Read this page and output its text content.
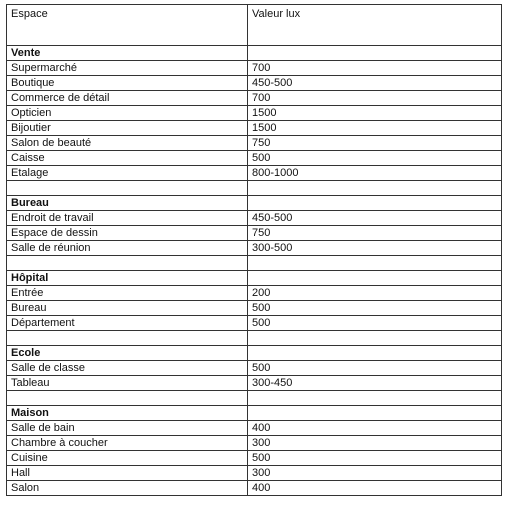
Espace	Valeur lux
Vente	
Supermarché	700
Boutique	450-500
Commerce de détail	700
Opticien	1500
Bijoutier	1500
Salon de beauté	750
Caisse	500
Etalage	800-1000

Bureau	
Endroit de travail	450-500
Espace de dessin	750
Salle de réunion	300-500

Hôpital	
Entrée	200
Bureau	500
Département	500

Ecole	
Salle de classe	500
Tableau	300-450

Maison	
Salle de bain	400
Chambre à coucher	300
Cuisine	500
Hall	300
Salon	400
